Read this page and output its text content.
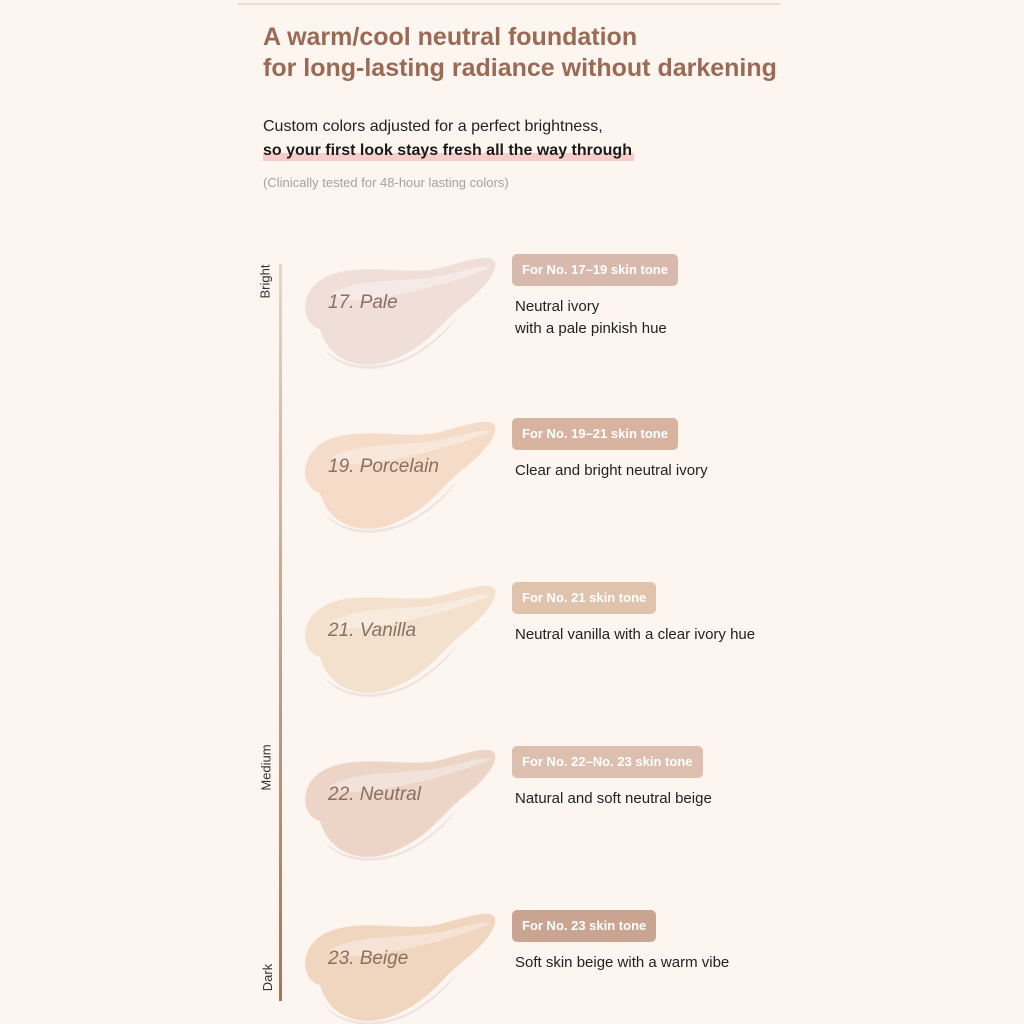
A warm/cool neutral foundation
for long-lasting radiance without darkening
Custom colors adjusted for a perfect brightness,
so your first look stays fresh all the way through
(Clinically tested for 48-hour lasting colors)
Bright
Medium
Dark
17. Pale
For No. 17–19 skin tone
Neutral ivory
with a pale pinkish hue
19. Porcelain
For No. 19–21 skin tone
Clear and bright neutral ivory
21. Vanilla
For No. 21 skin tone
Neutral vanilla with a clear ivory hue
22. Neutral
For No. 22–No. 23 skin tone
Natural and soft neutral beige
23. Beige
For No. 23 skin tone
Soft skin beige with a warm vibe
